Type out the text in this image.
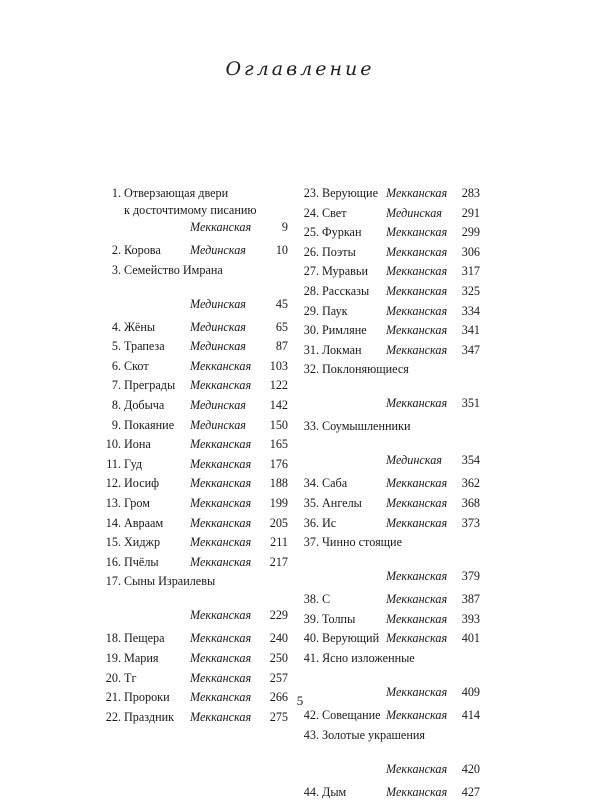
Оглавление
1. Отверзающая двери
к досточтимому писанию
Мекканская	9
2. Корова Мединская 10
3. Семейство Имрана
Мединская 45
4. Жёны	Мединская 65
5. Трапеза Мединская 87
6. Скот	Мекканская 103
7. Преграды Мекканская 122
8. Добыча Мединская 142
9. Покаяние Мединская 150
10. Иона	Мекканская 165
11. Гуд	Мекканская 176
12. Иосиф	Мекканская 188
13. Гром	Мекканская 199
14. Авраам Мекканская 205
15. Хиджр Мекканская 211
16. Пчёлы	Мекканская 217
17. Сыны Израилевы
Мекканская 229
18. Пещера Мекканская 240
19. Мария	Мекканская 250
20. Тг	Мекканская 257
21. Пророки Мекканская 266
22. Праздник Мекканская 275
23. Верующие Мекканская 283
24. Свет	Мединская 291
25. Фуркан Мекканская 299
26. Поэты Мекканская 306
27. Муравьи Мекканская 317
28. Рассказы Мекканская 325
29. Паук	Мекканская 334
30. Римляне Мекканская 341
31. Локман Мекканская 347
32. Поклоняющиеся
Мекканская 351
33. Соумышленники
Мединская 354
34. Саба	Мекканская 362
35. Ангелы Мекканская 368
36. Ис	Мекканская 373
37. Чинно стоящие
Мекканская 379
38. С	Мекканская 387
39. Толпы	Мекканская 393
40. Верующий Мекканская 401
41. Ясно изложенные
Мекканская 409
42. Совещание Мекканская 414
43. Золотые украшения
Мекканская 420
44. Дым	Мекканская 427
5
